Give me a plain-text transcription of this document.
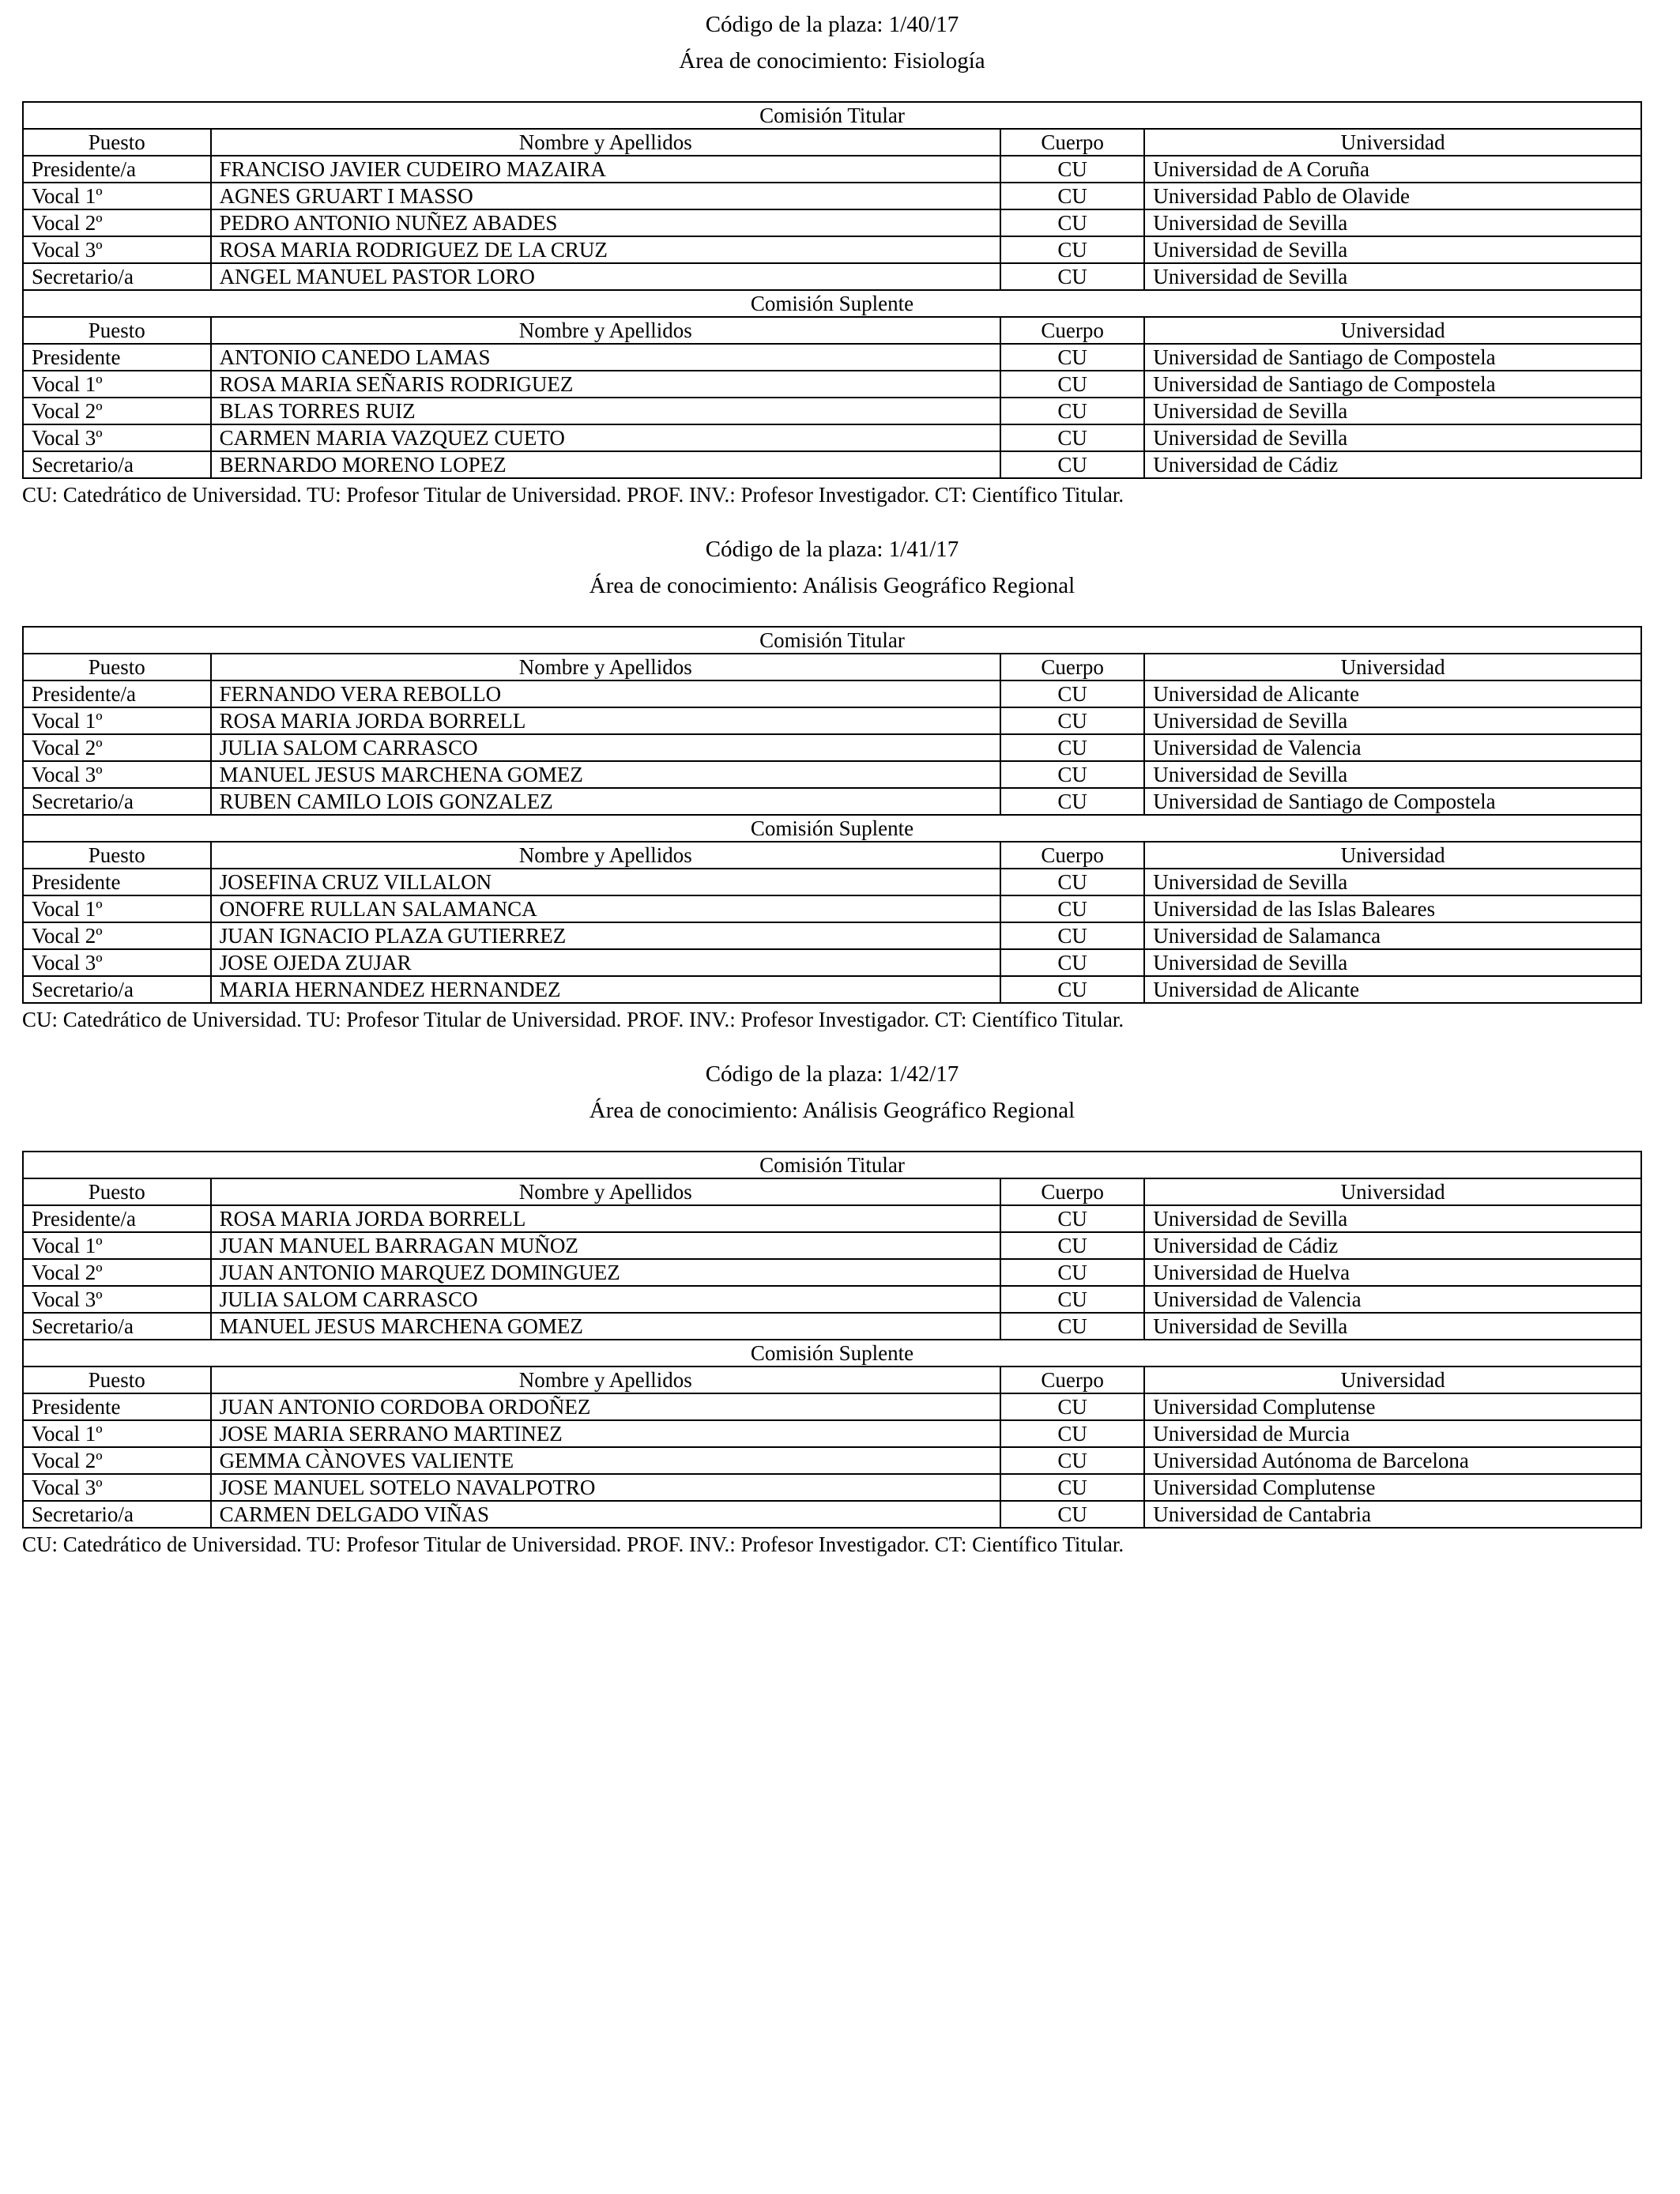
Código de la plaza: 1/40/17

Área de conocimiento: Fisiología

Comisión Titular			
Puesto	Nombre y Apellidos	Cuerpo	Universidad
Presidente/a	FRANCISO JAVIER CUDEIRO MAZAIRA	CU	Universidad de A Coruña
Vocal 1º	AGNES GRUART I MASSO	CU	Universidad Pablo de Olavide
Vocal 2º	PEDRO ANTONIO NUÑEZ ABADES	CU	Universidad de Sevilla
Vocal 3º	ROSA MARIA RODRIGUEZ DE LA CRUZ	CU	Universidad de Sevilla
Secretario/a	ANGEL MANUEL PASTOR LORO	CU	Universidad de Sevilla
Comisión Suplente			
Puesto	Nombre y Apellidos	Cuerpo	Universidad
Presidente	ANTONIO CANEDO LAMAS	CU	Universidad de Santiago de Compostela
Vocal 1º	ROSA MARIA SEÑARIS RODRIGUEZ	CU	Universidad de Santiago de Compostela
Vocal 2º	BLAS TORRES RUIZ	CU	Universidad de Sevilla
Vocal 3º	CARMEN MARIA VAZQUEZ CUETO	CU	Universidad de Sevilla
Secretario/a	BERNARDO MORENO LOPEZ	CU	Universidad de Cádiz

CU: Catedrático de Universidad. TU: Profesor Titular de Universidad. PROF. INV.: Profesor Investigador. CT: Científico Titular.

Código de la plaza: 1/41/17

Área de conocimiento: Análisis Geográfico Regional

Comisión Titular			
Puesto	Nombre y Apellidos	Cuerpo	Universidad
Presidente/a	FERNANDO VERA REBOLLO	CU	Universidad de Alicante
Vocal 1º	ROSA MARIA JORDA BORRELL	CU	Universidad de Sevilla
Vocal 2º	JULIA SALOM CARRASCO	CU	Universidad de Valencia
Vocal 3º	MANUEL JESUS MARCHENA GOMEZ	CU	Universidad de Sevilla
Secretario/a	RUBEN CAMILO LOIS GONZALEZ	CU	Universidad de Santiago de Compostela
Comisión Suplente			
Puesto	Nombre y Apellidos	Cuerpo	Universidad
Presidente	JOSEFINA CRUZ VILLALON	CU	Universidad de Sevilla
Vocal 1º	ONOFRE RULLAN SALAMANCA	CU	Universidad de las Islas Baleares
Vocal 2º	JUAN IGNACIO PLAZA GUTIERREZ	CU	Universidad de Salamanca
Vocal 3º	JOSE OJEDA ZUJAR	CU	Universidad de Sevilla
Secretario/a	MARIA HERNANDEZ HERNANDEZ	CU	Universidad de Alicante

CU: Catedrático de Universidad. TU: Profesor Titular de Universidad. PROF. INV.: Profesor Investigador. CT: Científico Titular.

Código de la plaza: 1/42/17

Área de conocimiento: Análisis Geográfico Regional

Comisión Titular			
Puesto	Nombre y Apellidos	Cuerpo	Universidad
Presidente/a	ROSA MARIA JORDA BORRELL	CU	Universidad de Sevilla
Vocal 1º	JUAN MANUEL BARRAGAN MUÑOZ	CU	Universidad de Cádiz
Vocal 2º	JUAN ANTONIO MARQUEZ DOMINGUEZ	CU	Universidad de Huelva
Vocal 3º	JULIA SALOM CARRASCO	CU	Universidad de Valencia
Secretario/a	MANUEL JESUS MARCHENA GOMEZ	CU	Universidad de Sevilla
Comisión Suplente			
Puesto	Nombre y Apellidos	Cuerpo	Universidad
Presidente	JUAN ANTONIO CORDOBA ORDOÑEZ	CU	Universidad Complutense
Vocal 1º	JOSE MARIA SERRANO MARTINEZ	CU	Universidad de Murcia
Vocal 2º	GEMMA CÀNOVES VALIENTE	CU	Universidad Autónoma de Barcelona
Vocal 3º	JOSE MANUEL SOTELO NAVALPOTRO	CU	Universidad Complutense
Secretario/a	CARMEN DELGADO VIÑAS	CU	Universidad de Cantabria

CU: Catedrático de Universidad. TU: Profesor Titular de Universidad. PROF. INV.: Profesor Investigador. CT: Científico Titular.
